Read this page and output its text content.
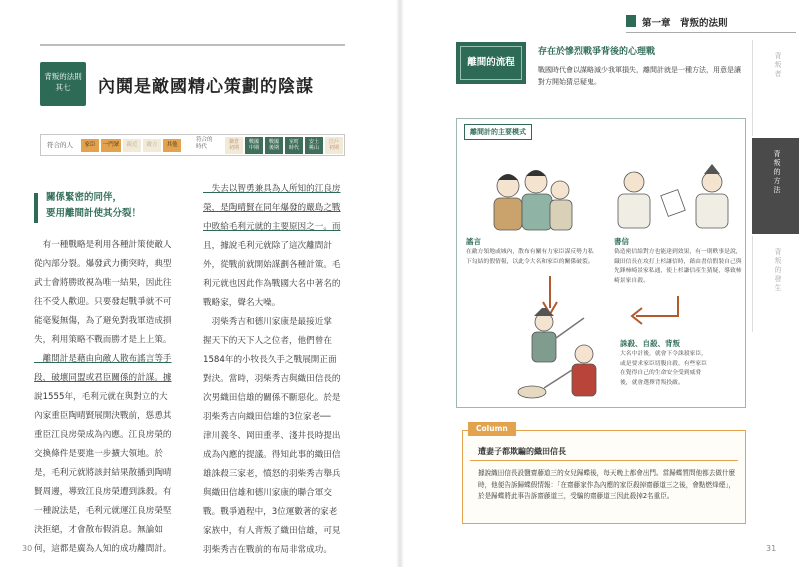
背叛的法則
其七	內鬨是敵國精心策劃的陰謀
符合的人	家臣	一門眾	親近	敵方	其他
符合的
時代
鎌倉
初期
戰國
中期
戰國
後期
室町
時代
安土
桃山
江戶
初期
關係緊密的同伴，
要用離間計使其分裂！
　有一種戰略是利用各種計策使敵人
從內部分裂。爆發武力衝突時，典型
武士會將勝敗視為唯一結果，因此往
往不受人歡迎。只要發起戰爭就不可
能毫髮無傷，為了避免對我軍造成損
失，利用策略不戰而勝才是上上策。
　離間計是藉由向敵人散布謠言等手
段，破壞同盟或君臣關係的計謀。據
說1555年，毛利元就在與對立的大
內家重臣陶晴賢展開決戰前，慫恿其
重臣江良房榮成為內應。江良房榮的
交換條件是要進一步擴大領地。於
是，毛利元就將該封結果散播到陶晴
賢周邊，導致江良房榮遭到誅殺。有
一種說法是，毛利元就運江良房榮堅
決拒絕，才會散布假消息。無論如
何，這都是廣為人知的成功離間計。
　失去以智勇兼具為人所知的江良房
榮，是陶晴賢在同年爆發的嚴島之戰
中敗給毛利元就的主要原因之一。而
且，據說毛利元就除了這次離間計
外，從戰前就開始謀劃各種計策。毛
利元就也因此作為戰國大名中著名的
戰略家，聲名大噪。
　羽柴秀吉和德川家康是最接近掌
握天下的天下人之位者，他們曾在
1584年的小牧長久手之戰展開正面
對決。當時，羽柴秀吉與織田信長的
次男織田信雄的關係不斷惡化。於是
羽柴秀吉向織田信雄的3位家老──
津川義冬、岡田重孝、淺井長時提出
成為內應的提議。得知此事的織田信
雄誅殺三家老，憤怒的羽柴秀吉舉兵
與織田信雄和德川家康的聯合軍交
戰。戰爭過程中，3位運數著的家老
家族中，有人背叛了織田信雄，可見
羽柴秀吉在戰前的布局非常成功。
30
第一章　背叛的法則
背叛者
背叛的方法
背叛的發生
離間的流程
存在於慘烈戰爭背後的心理戰
戰國時代會以謀略減少我軍損失，離間計就是一種方法，用意是讓對方開始猜忌疑鬼。
離間計的主要模式
謠言
在敵方領地或城內，散布有關有力家臣謀反勢力私下勾結的假情報，以此令大名和家臣的關係破裂。
書信
偽造密信給對方也能達到效果，有一則軼事是說，織田信長在攻打上杉謙信時，藉由書信假裝自己與先鋒柿崎景家私通，使上杉謙信產生猜疑，導致柿崎景家自殺。
誅殺、自殺、背叛
大名中計後，就會下令誅殺家臣，或是要求家臣切腹自殺，有些家臣在覺得自己的生命安全受到威脅後，就會選擇背叛投敵。
Column
遭妻子都欺騙的織田信長
據說織田信長設鹽齋藤道三的女兒歸蝶後，每天晚上都會出門。當歸蝶質問他都去做什麼時，他便告訴歸蝶假情報：「在齋藤家作為內應的家臣殺掉齋藤道三之後，會點燃烽煙」，於是歸蝶將此事告訴齋藤道三，受騙的齋藤道三因此殺掉2名重臣。
31
